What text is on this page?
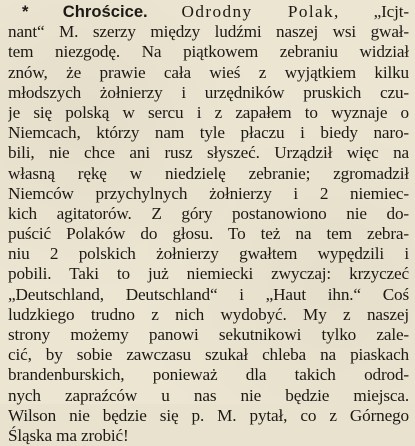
* Chrościce. Odrodny Polak, „Icjt-
nant“ M. szerzy między ludźmi naszej wsi gwał-
tem niezgodę. Na piątkowem zebraniu widział
znów, że prawie cała wieś z wyjątkiem kilku
młodszych żołnierzy i urzędników pruskich czu-
je się polską w sercu i z zapałem to wyznaje o
Niemcach, którzy nam tyle płaczu i biedy naro-
bili, nie chce ani rusz słyszeć. Urządził więc na
własną rękę w niedzielę zebranie; zgromadził
Niemców przychylnych żołnierzy i 2 niemiec-
kich agitatorów. Z góry postanowiono nie do-
puścić Polaków do głosu. To też na tem zebra-
niu 2 polskich żołnierzy gwałtem wypędzili i
pobili. Taki to już niemiecki zwyczaj: krzyczeć
„Deutschland, Deutschland“ i „Haut ihn.“ Coś
ludzkiego trudno z nich wydobyć. My z naszej
strony możemy panowi sekutnikowi tylko zale-
cić, by sobie zawczasu szukał chleba na piaskach
brandenburskich, ponieważ dla takich odrod-
nych zapraźców u nas nie będzie miejsca.
Wilson nie będzie się p. M. pytał, co z Górnego
Śląska ma zrobić!
